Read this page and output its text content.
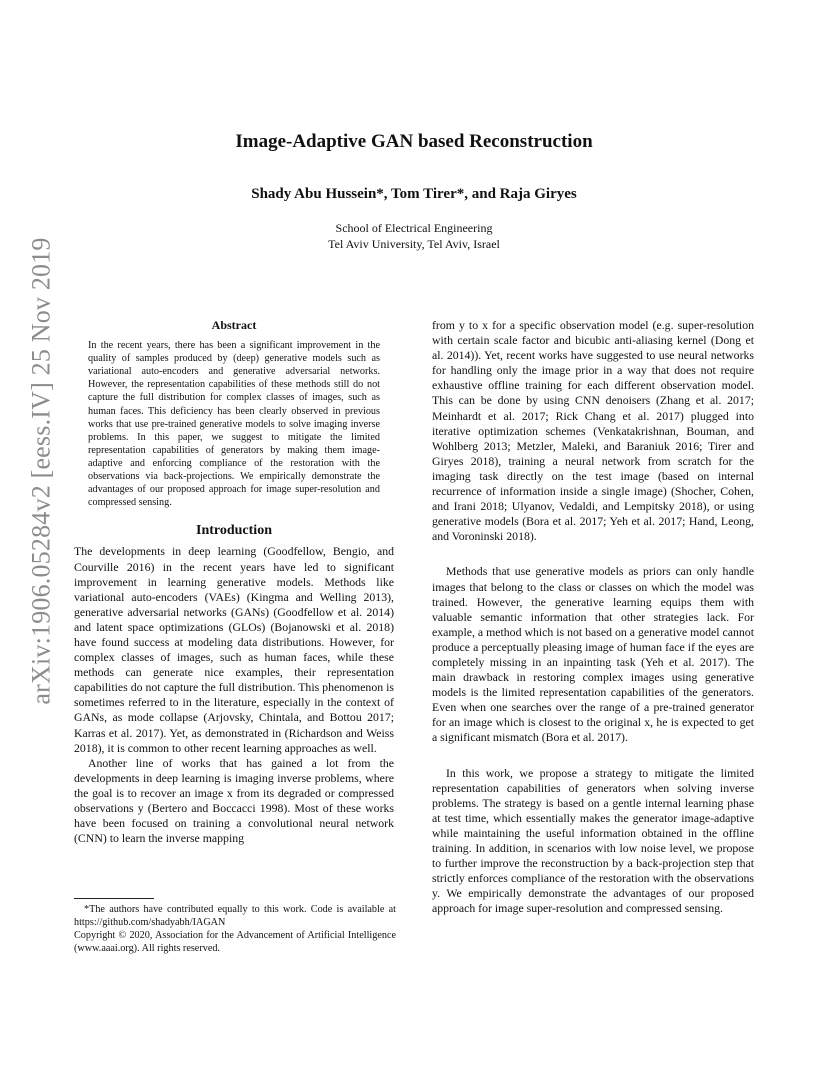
arXiv:1906.05284v2 [eess.IV] 25 Nov 2019
Image-Adaptive GAN based Reconstruction
Shady Abu Hussein*, Tom Tirer*, and Raja Giryes
School of Electrical Engineering
Tel Aviv University, Tel Aviv, Israel
Abstract

In the recent years, there has been a significant improvement in the quality of samples produced by (deep) generative models such as variational auto-encoders and generative adversarial networks. However, the representation capabilities of these methods still do not capture the full distribution for complex classes of images, such as human faces. This deficiency has been clearly observed in previous works that use pre-trained generative models to solve imaging inverse problems. In this paper, we suggest to mitigate the limited representation capabilities of generators by making them image-adaptive and enforcing compliance of the restoration with the observations via back-projections. We empirically demonstrate the advantages of our proposed approach for image super-resolution and compressed sensing.

Introduction

The developments in deep learning (Goodfellow, Bengio, and Courville 2016) in the recent years have led to significant improvement in learning generative models. Methods like variational auto-encoders (VAEs) (Kingma and Welling 2013), generative adversarial networks (GANs) (Goodfellow et al. 2014) and latent space optimizations (GLOs) (Bojanowski et al. 2018) have found success at modeling data distributions. However, for complex classes of images, such as human faces, while these methods can generate nice examples, their representation capabilities do not capture the full distribution. This phenomenon is sometimes referred to in the literature, especially in the context of GANs, as mode collapse (Arjovsky, Chintala, and Bottou 2017; Karras et al. 2017). Yet, as demonstrated in (Richardson and Weiss 2018), it is common to other recent learning approaches as well.

Another line of works that has gained a lot from the developments in deep learning is imaging inverse problems, where the goal is to recover an image x from its degraded or compressed observations y (Bertero and Boccacci 1998). Most of these works have been focused on training a convolutional neural network (CNN) to learn the inverse mapping

from y to x for a specific observation model (e.g. super-resolution with certain scale factor and bicubic anti-aliasing kernel (Dong et al. 2014)). Yet, recent works have suggested to use neural networks for handling only the image prior in a way that does not require exhaustive offline training for each different observation model. This can be done by using CNN denoisers (Zhang et al. 2017; Meinhardt et al. 2017; Rick Chang et al. 2017) plugged into iterative optimization schemes (Venkatakrishnan, Bouman, and Wohlberg 2013; Metzler, Maleki, and Baraniuk 2016; Tirer and Giryes 2018), training a neural network from scratch for the imaging task directly on the test image (based on internal recurrence of information inside a single image) (Shocher, Cohen, and Irani 2018; Ulyanov, Vedaldi, and Lempitsky 2018), or using generative models (Bora et al. 2017; Yeh et al. 2017; Hand, Leong, and Voroninski 2018).

Methods that use generative models as priors can only handle images that belong to the class or classes on which the model was trained. However, the generative learning equips them with valuable semantic information that other strategies lack. For example, a method which is not based on a generative model cannot produce a perceptually pleasing image of human face if the eyes are completely missing in an inpainting task (Yeh et al. 2017). The main drawback in restoring complex images using generative models is the limited representation capabilities of the generators. Even when one searches over the range of a pre-trained generator for an image which is closest to the original x, he is expected to get a significant mismatch (Bora et al. 2017).

In this work, we propose a strategy to mitigate the limited representation capabilities of generators when solving inverse problems. The strategy is based on a gentle internal learning phase at test time, which essentially makes the generator image-adaptive while maintaining the useful information obtained in the offline training. In addition, in scenarios with low noise level, we propose to further improve the reconstruction by a back-projection step that strictly enforces compliance of the restoration with the observations y. We empirically demonstrate the advantages of our proposed approach for image super-resolution and compressed sensing.

*The authors have contributed equally to this work. Code is available at https://github.com/shadyabh/IAGAN

Copyright © 2020, Association for the Advancement of Artificial Intelligence (www.aaai.org). All rights reserved.
